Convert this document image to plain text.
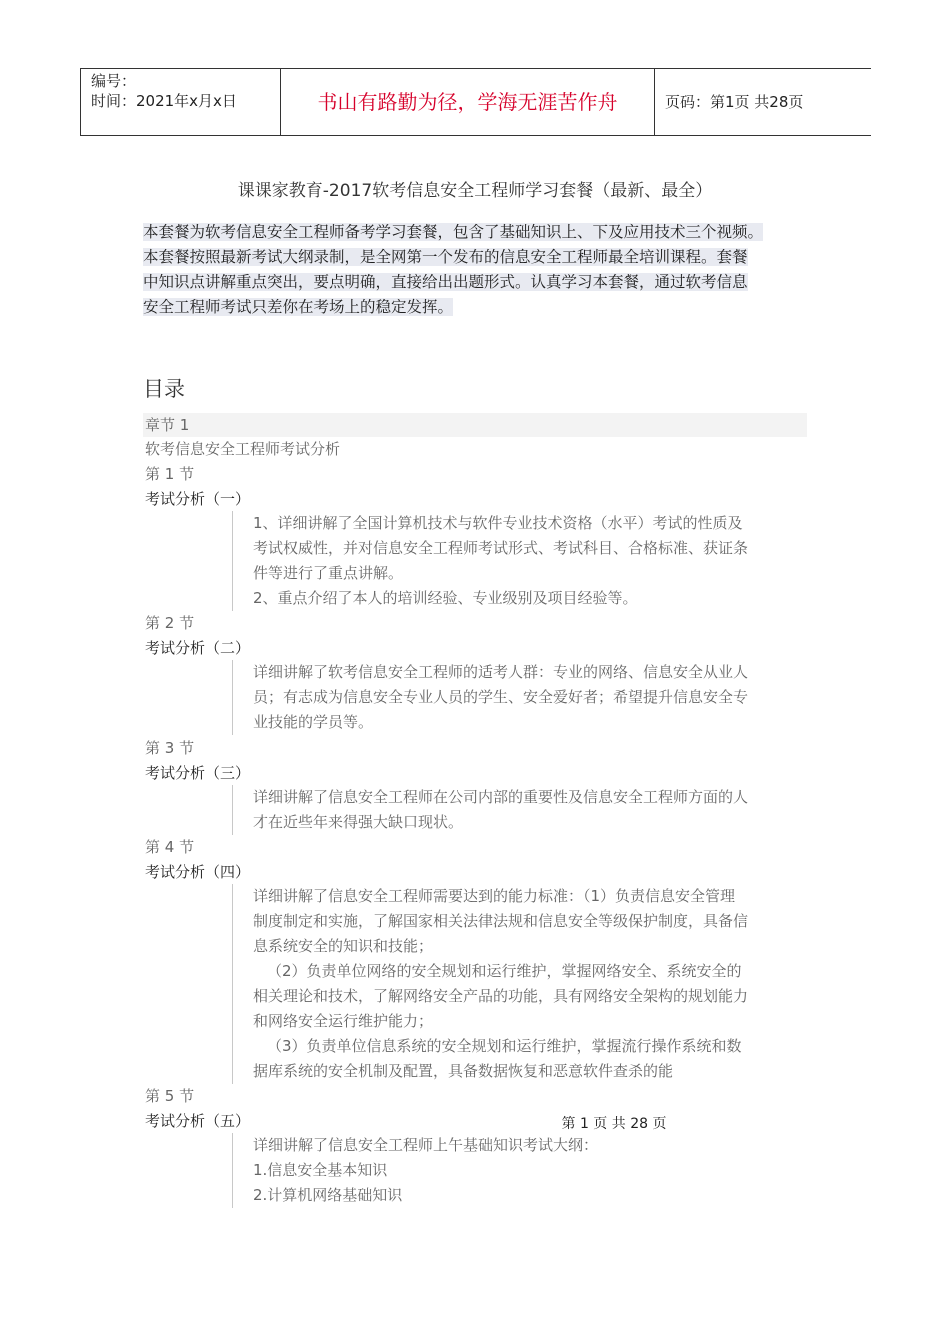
编号：
时间：2021年x月x日	书山有路勤为径，学海无涯苦作舟	页码：第1页 共28页
课课家教育-2017软考信息安全工程师学习套餐（最新、最全）
本套餐为软考信息安全工程师备考学习套餐，包含了基础知识上、下及应用技术三个视频。
本套餐按照最新考试大纲录制，是全网第一个发布的信息安全工程师最全培训课程。套餐
中知识点讲解重点突出，要点明确，直接给出出题形式。认真学习本套餐，通过软考信息
安全工程师考试只差你在考场上的稳定发挥。
目录
章节 1
软考信息安全工程师考试分析
第 1 节
考试分析（一）

1、详细讲解了全国计算机技术与软件专业技术资格（水平）考试的性质及

考试权威性，并对信息安全工程师考试形式、考试科目、合格标准、获证条

件等进行了重点讲解。

2、重点介绍了本人的培训经验、专业级别及项目经验等。

第 2 节
考试分析（二）

详细讲解了软考信息安全工程师的适考人群：专业的网络、信息安全从业人

员；有志成为信息安全专业人员的学生、安全爱好者；希望提升信息安全专

业技能的学员等。

第 3 节
考试分析（三）

详细讲解了信息安全工程师在公司内部的重要性及信息安全工程师方面的人

才在近些年来得强大缺口现状。

第 4 节
考试分析（四）

详细讲解了信息安全工程师需要达到的能力标准：（1）负责信息安全管理

制度制定和实施，了解国家相关法律法规和信息安全等级保护制度，具备信

息系统安全的知识和技能；

（2）负责单位网络的安全规划和运行维护，掌握网络安全、系统安全的

相关理论和技术，了解网络安全产品的功能，具有网络安全架构的规划能力

和网络安全运行维护能力；

（3）负责单位信息系统的安全规划和运行维护，掌握流行操作系统和数

据库系统的安全机制及配置，具备数据恢复和恶意软件查杀的能

第 5 节
考试分析（五）

详细讲解了信息安全工程师上午基础知识考试大纲：

1.信息安全基本知识

2.计算机网络基础知识

第 1 页 共 28 页
